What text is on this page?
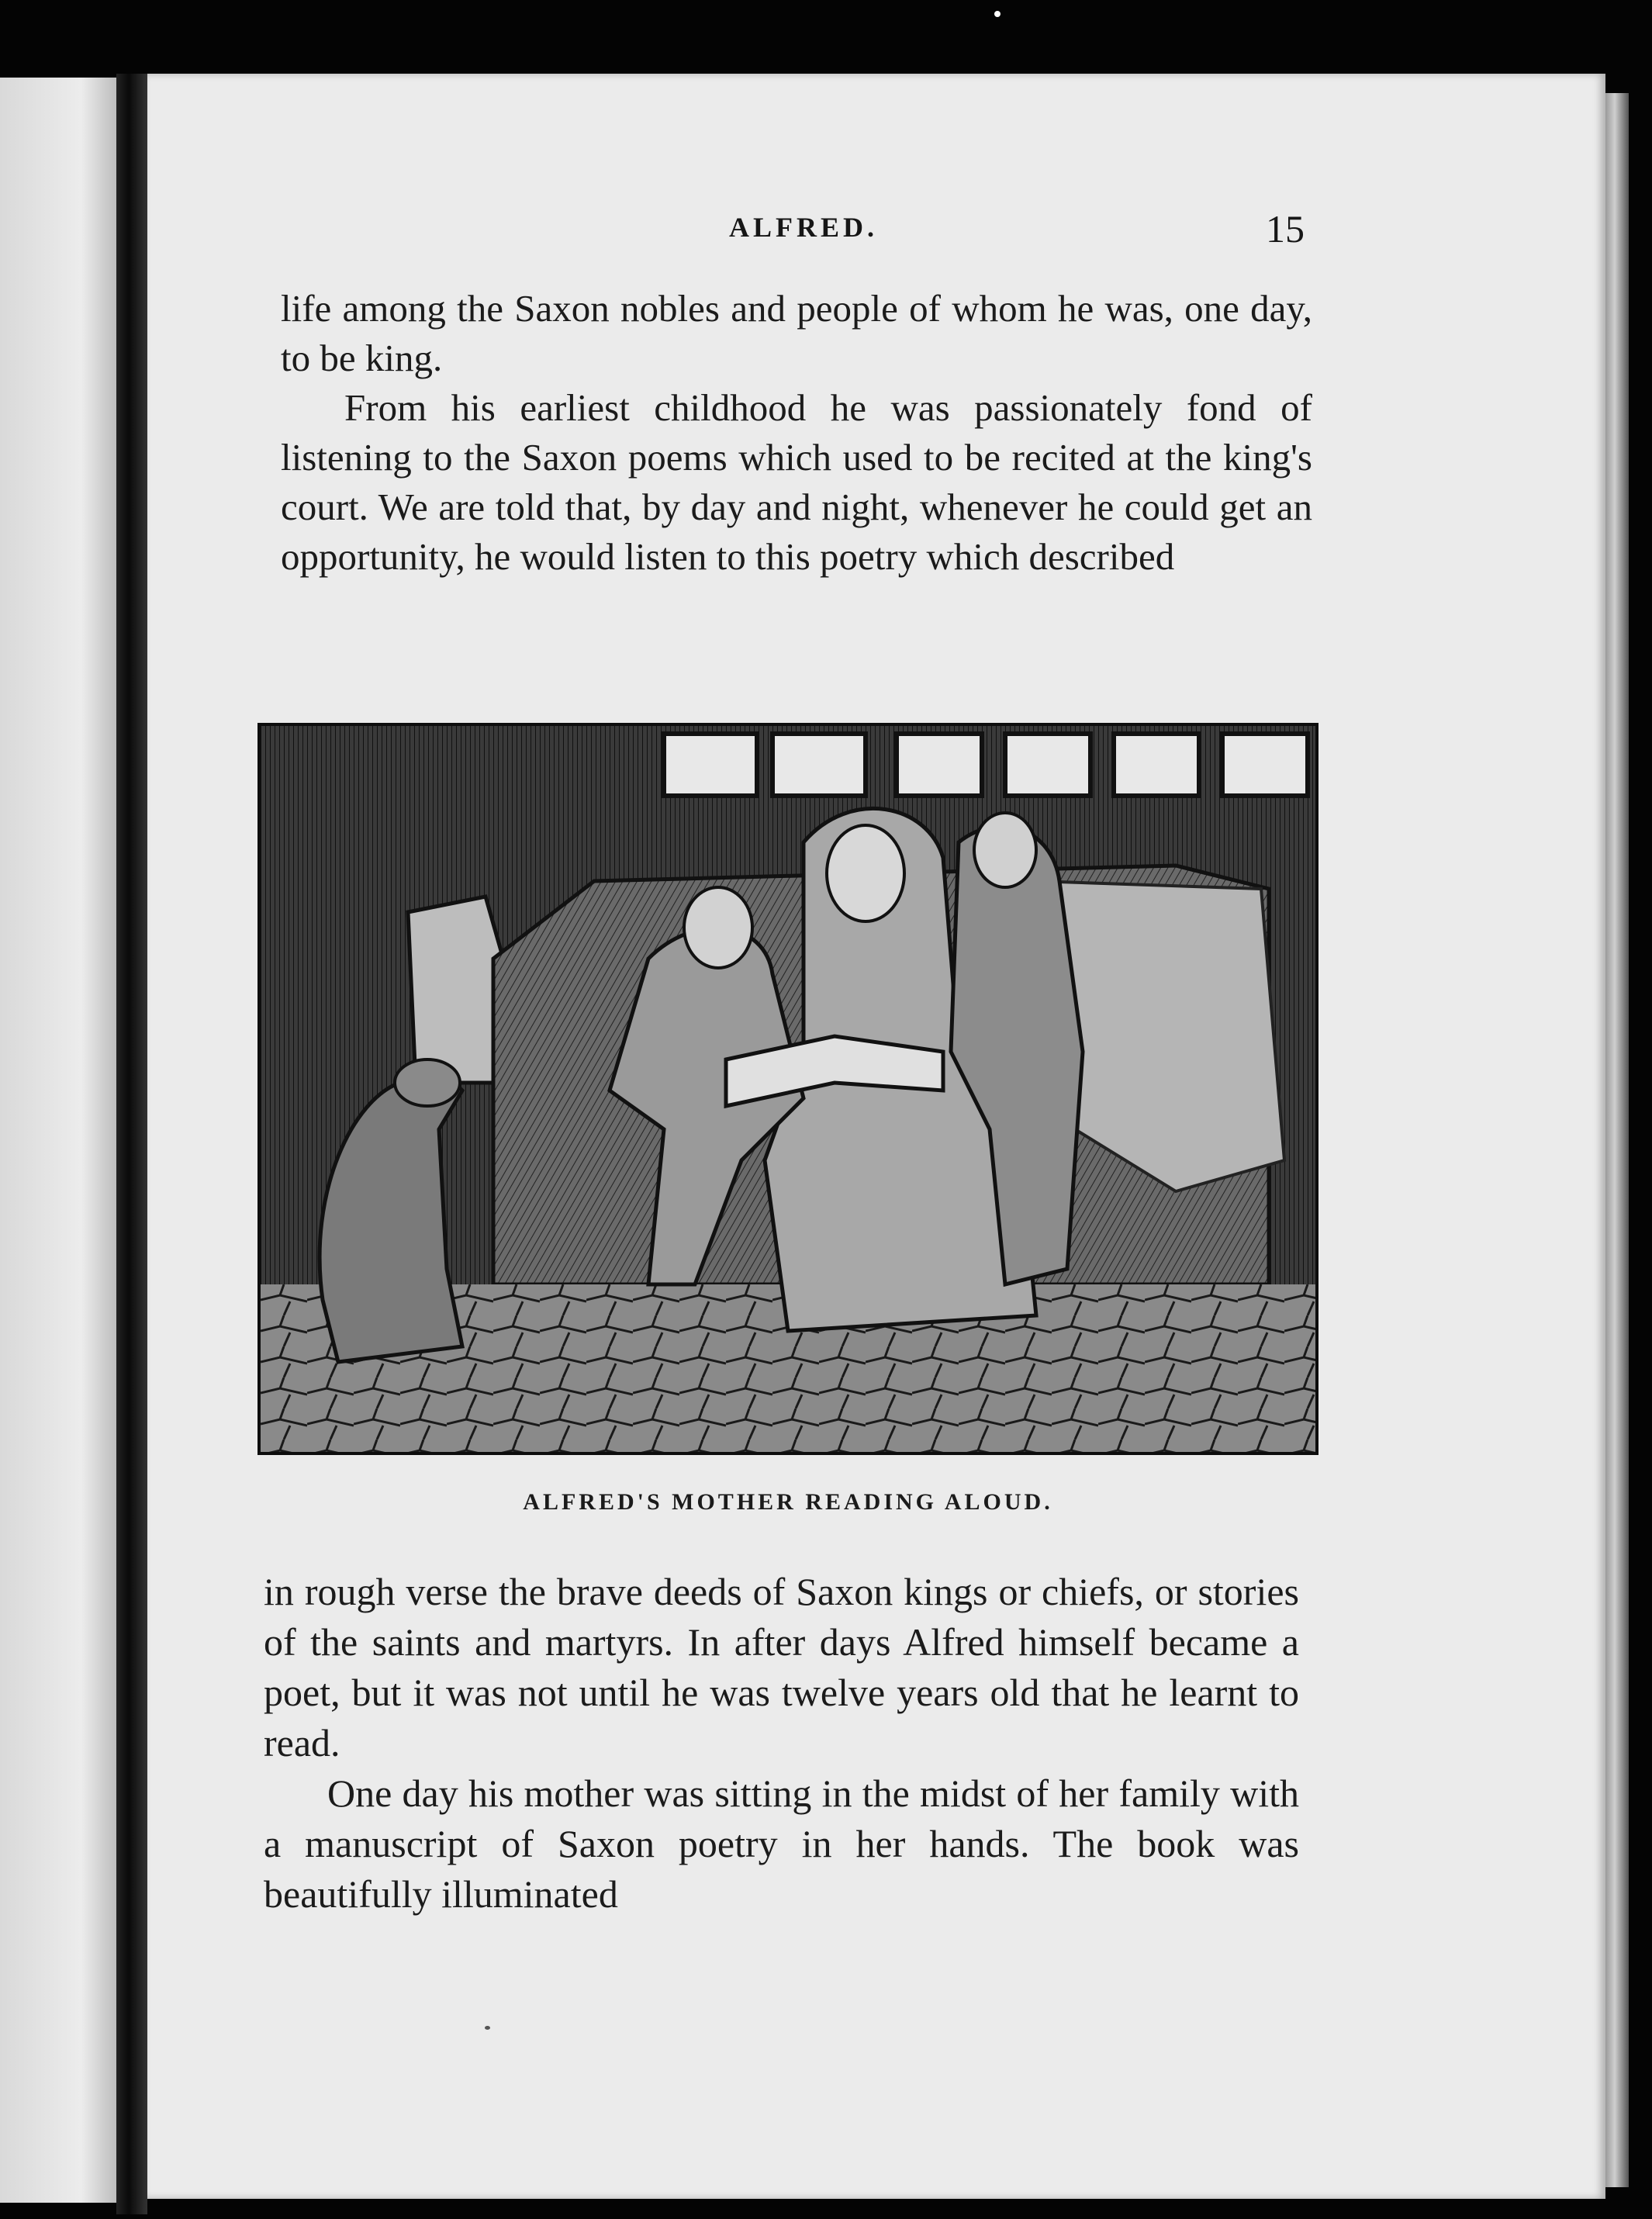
ALFRED.	15

life among the Saxon nobles and people of whom he was, one day, to be king.

From his earliest childhood he was passionately fond of listening to the Saxon poems which used to be recited at the king's court. We are told that, by day and night, whenever he could get an opportunity, he would listen to this poetry which described

ALFRED'S MOTHER READING ALOUD.

in rough verse the brave deeds of Saxon kings or chiefs, or stories of the saints and martyrs. In after days Alfred himself became a poet, but it was not until he was twelve years old that he learnt to read.

One day his mother was sitting in the midst of her family with a manuscript of Saxon poetry in her hands. The book was beautifully illuminated
